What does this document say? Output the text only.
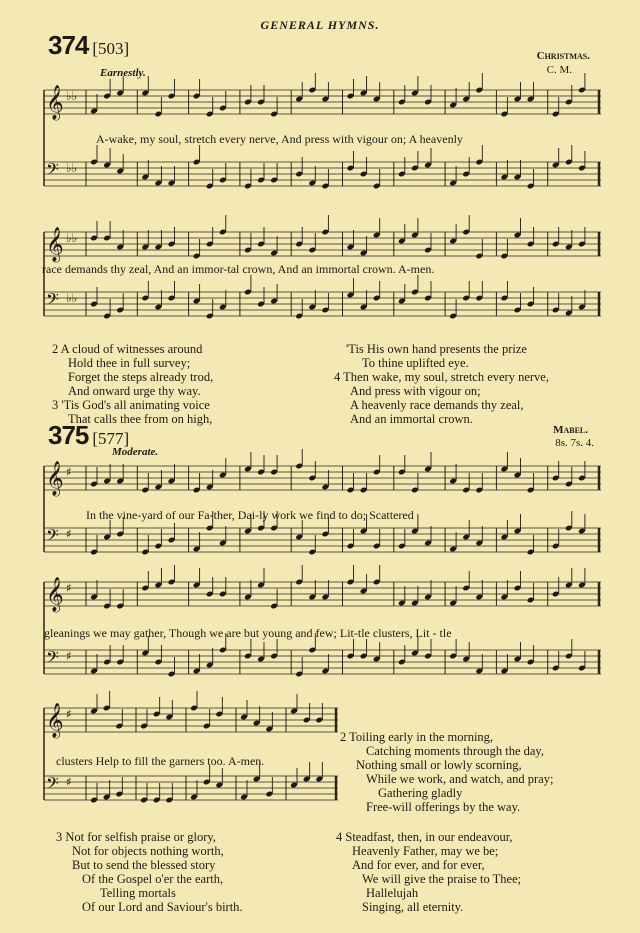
GENERAL HYMNS.
374 [503]	Christmas.
C. M.
Earnestly.
𝄞 ♭♭
𝄢 ♭♭
A-wake, my soul, stretch every nerve, And press with vigour on; A heavenly
𝄞 ♭♭
𝄢 ♭♭
race demands thy zeal, And an immor-tal crown, And an immortal crown. A-men.
2 A cloud of witnesses around
Hold thee in full survey;
Forget the steps already trod,
And onward urge thy way.
3 'Tis God's all animating voice
That calls thee from on high,
'Tis His own hand presents the prize
To thine uplifted eye.
4 Then wake, my soul, stretch every nerve,
And press with vigour on;
A heavenly race demands thy zeal,
And an immortal crown.
375 [577]	Mabel.
8s. 7s. 4.
Moderate.
𝄞 ♯
𝄢 ♯
In the vine-yard of our Fa-ther, Dai-ly work we find to do; Scattered
𝄞 ♯
𝄢 ♯
gleanings we may gather, Though we are but young and few; Lit-tle clusters, Lit - tle
𝄞 ♯
𝄢 ♯
clusters Help to fill the garners too. A-men.
2 Toiling early in the morning,
Catching moments through the day,
Nothing small or lowly scorning,
While we work, and watch, and pray;
Gathering gladly
Free-will offerings by the way.
3 Not for selfish praise or glory,
Not for objects nothing worth,
But to send the blessed story
Of the Gospel o'er the earth,
Telling mortals
Of our Lord and Saviour's birth.
4 Steadfast, then, in our endeavour,
Heavenly Father, may we be;
And for ever, and for ever,
We will give the praise to Thee;
Hallelujah
Singing, all eternity.
